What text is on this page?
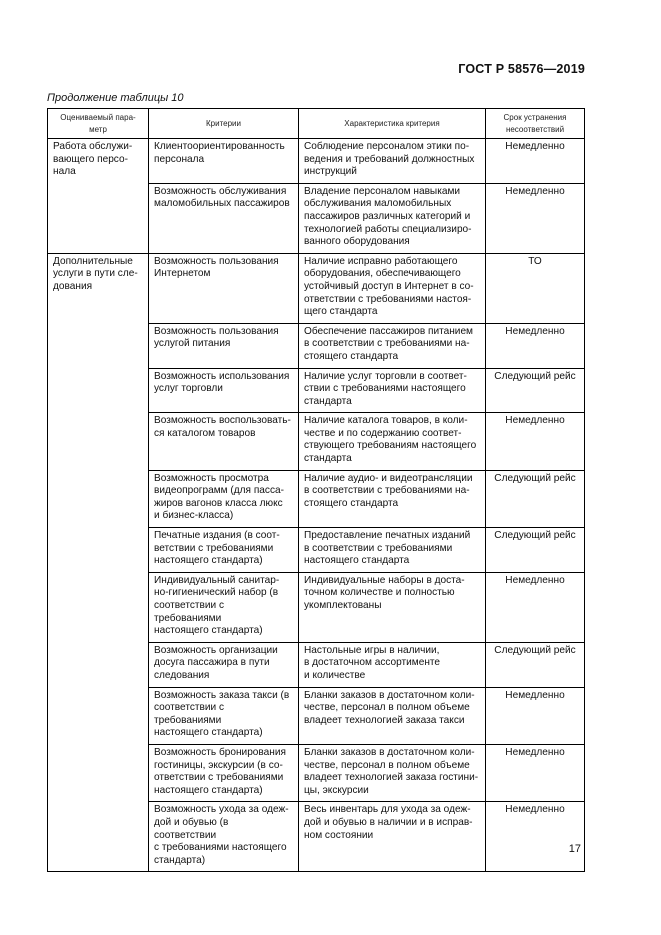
ГОСТ Р 58576—2019
Продолжение таблицы 10
Оцениваемый пара-
метр	Критерии	Характеристика критерия	Срок устранения
несоответствий
Работа обслужи-
вающего персо-
нала	Клиентоориентированность
персонала	Соблюдение персоналом этики по-
ведения и требований должностных
инструкций	Немедленно
	Возможность обслуживания
маломобильных пассажиров	Владение персоналом навыками
обслуживания маломобильных
пассажиров различных категорий и
технологией работы специализиро-
ванного оборудования	Немедленно
Дополнительные
услуги в пути сле-
дования	Возможность пользования
Интернетом	Наличие исправно работающего
оборудования, обеспечивающего
устойчивый доступ в Интернет в со-
ответствии с требованиями настоя-
щего стандарта	ТО
	Возможность пользования
услугой питания	Обеспечение пассажиров питанием
в соответствии с требованиями на-
стоящего стандарта	Немедленно
	Возможность использования
услуг торговли	Наличие услуг торговли в соответ-
ствии с требованиями настоящего
стандарта	Следующий рейс
	Возможность воспользовать-
ся каталогом товаров	Наличие каталога товаров, в коли-
честве и по содержанию соответ-
ствующего требованиям настоящего
стандарта	Немедленно
	Возможность просмотра
видеопрограмм (для пасса-
жиров вагонов класса люкс
и бизнес-класса)	Наличие аудио- и видеотрансляции
в соответствии с требованиями на-
стоящего стандарта	Следующий рейс
	Печатные издания (в соот-
ветствии с требованиями
настоящего стандарта)	Предоставление печатных изданий
в соответствии с требованиями
настоящего стандарта	Следующий рейс
	Индивидуальный санитар-
но-гигиенический набор (в
соответствии с требованиями
настоящего стандарта)	Индивидуальные наборы в доста-
точном количестве и полностью
укомплектованы	Немедленно
	Возможность организации
досуга пассажира в пути
следования	Настольные игры в наличии,
в достаточном ассортименте
и количестве	Следующий рейс
	Возможность заказа такси (в
соответствии с требованиями
настоящего стандарта)	Бланки заказов в достаточном коли-
честве, персонал в полном объеме
владеет технологией заказа такси	Немедленно
	Возможность бронирования
гостиницы, экскурсии (в со-
ответствии с требованиями
настоящего стандарта)	Бланки заказов в достаточном коли-
честве, персонал в полном объеме
владеет технологией заказа гостини-
цы, экскурсии	Немедленно
	Возможность ухода за одеж-
дой и обувью (в соответствии
с требованиями настоящего
стандарта)	Весь инвентарь для ухода за одеж-
дой и обувью в наличии и в исправ-
ном состоянии	Немедленно
17
